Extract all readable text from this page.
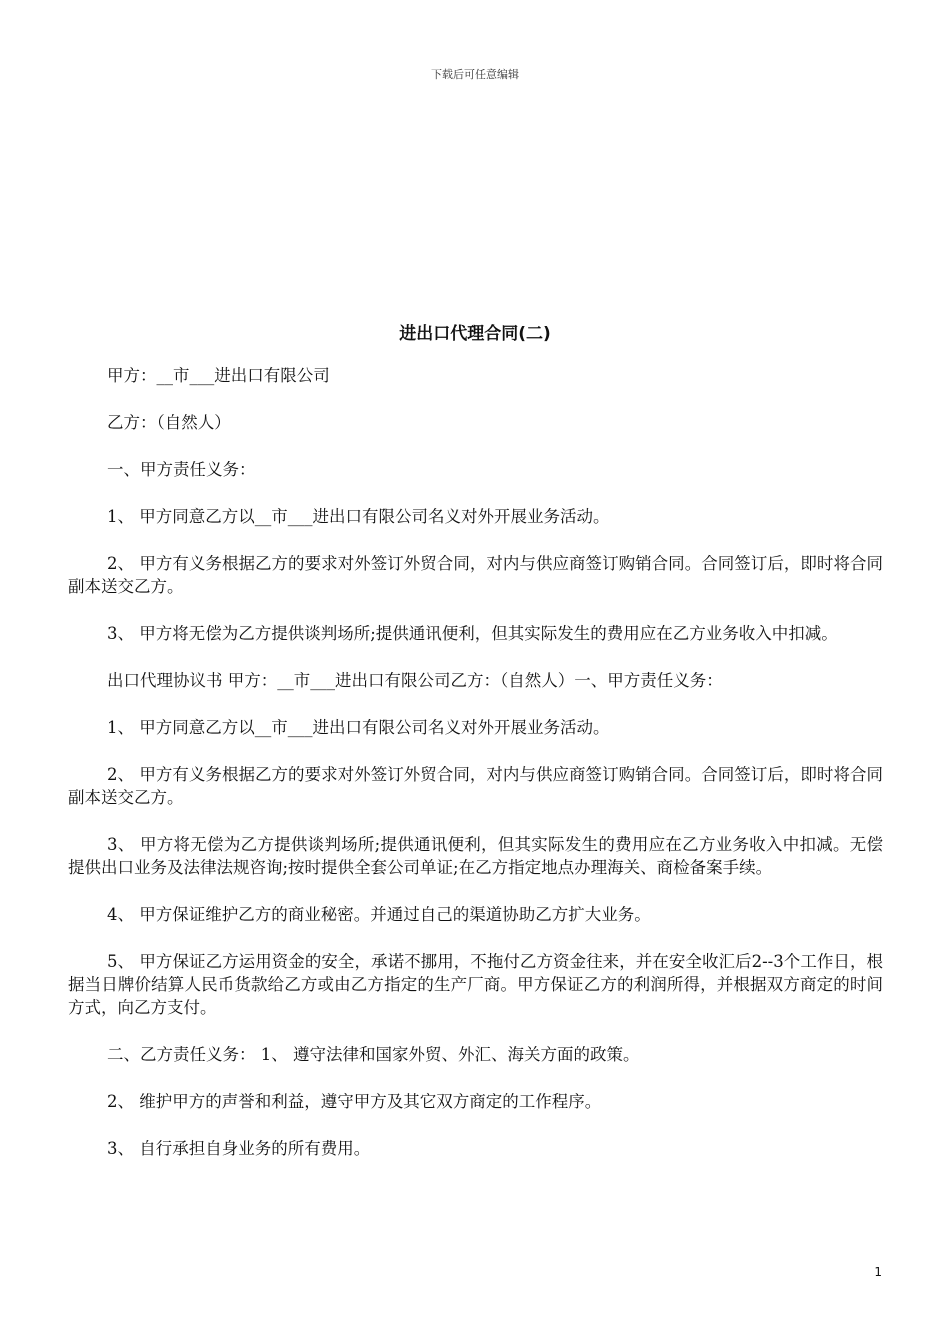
下载后可任意编辑
进出口代理合同(二)

甲方：__市___进出口有限公司

乙方：（自然人）

一、甲方责任义务：

1、 甲方同意乙方以__市___进出口有限公司名义对外开展业务活动。

2、 甲方有义务根据乙方的要求对外签订外贸合同，对内与供应商签订购销合同。合同签订后，即时将合同副本送交乙方。

3、 甲方将无偿为乙方提供谈判场所;提供通讯便利，但其实际发生的费用应在乙方业务收入中扣减。

出口代理协议书 甲方：__市___进出口有限公司乙方：（自然人）一、甲方责任义务：

1、 甲方同意乙方以__市___进出口有限公司名义对外开展业务活动。

2、 甲方有义务根据乙方的要求对外签订外贸合同，对内与供应商签订购销合同。合同签订后，即时将合同副本送交乙方。

3、 甲方将无偿为乙方提供谈判场所;提供通讯便利，但其实际发生的费用应在乙方业务收入中扣减。无偿提供出口业务及法律法规咨询;按时提供全套公司单证;在乙方指定地点办理海关、商检备案手续。

4、 甲方保证维护乙方的商业秘密。并通过自己的渠道协助乙方扩大业务。

5、 甲方保证乙方运用资金的安全，承诺不挪用，不拖付乙方资金往来，并在安全收汇后2--3个工作日，根据当日牌价结算人民币货款给乙方或由乙方指定的生产厂商。甲方保证乙方的利润所得，并根据双方商定的时间方式，向乙方支付。

二、乙方责任义务： 1、 遵守法律和国家外贸、外汇、海关方面的政策。

2、 维护甲方的声誉和利益，遵守甲方及其它双方商定的工作程序。

3、 自行承担自身业务的所有费用。

1
